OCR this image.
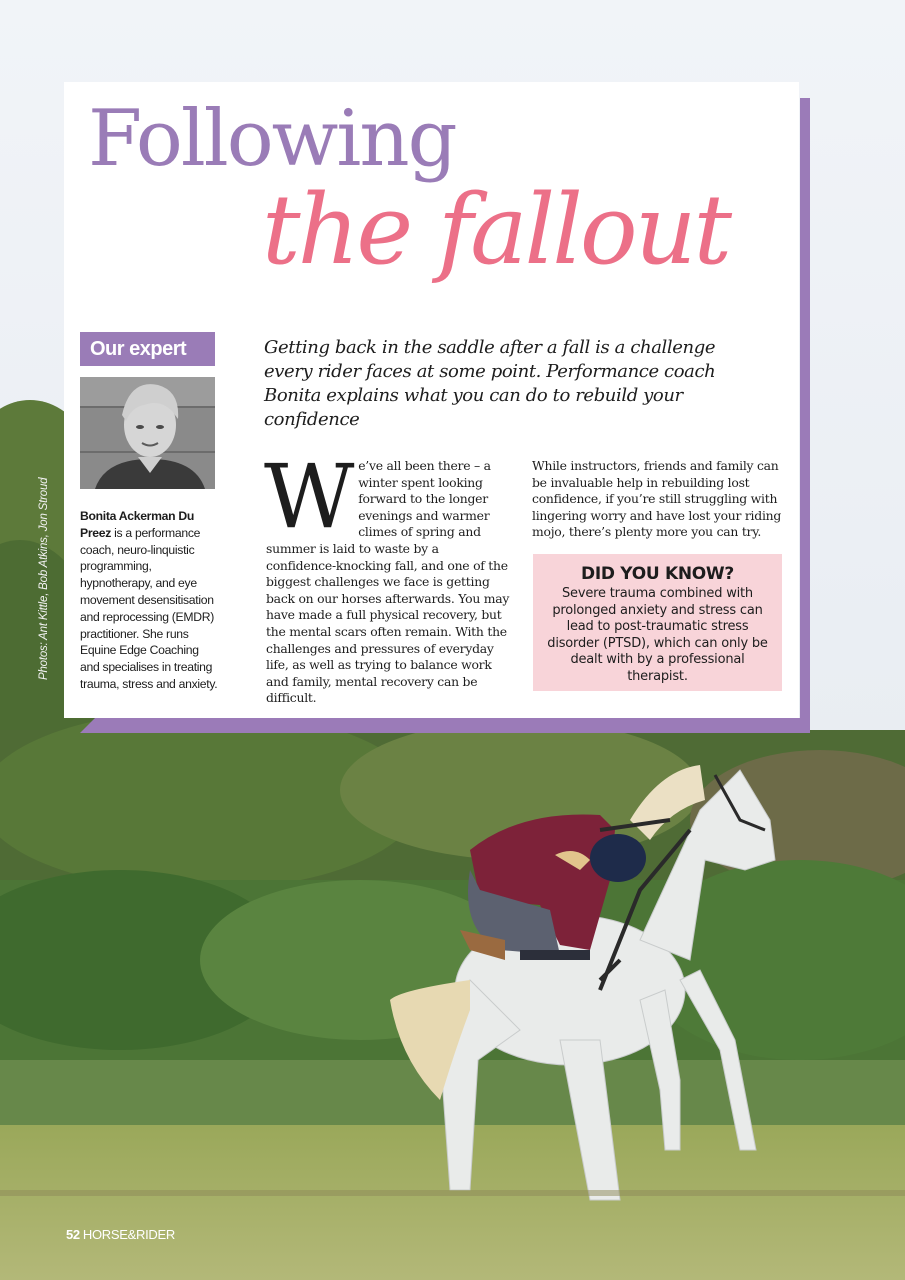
Following
the fallout
Our expert
Bonita Ackerman Du Preez is a performance coach, neuro-linquistic programming, hypnotherapy, and eye movement desensitisation and reprocessing (EMDR) practitioner. She runs Equine Edge Coaching and specialises in treating trauma, stress and anxiety.
Getting back in the saddle after a fall is a challenge every rider faces at some point. Performance coach Bonita explains what you can do to rebuild your confidence
We’ve all been there – a winter spent looking forward to the longer evenings and warmer climes of spring and summer is laid to waste by a confidence-knocking fall, and one of the biggest challenges we face is getting back on our horses afterwards. You may have made a full physical recovery, but the mental scars often remain. With the challenges and pressures of everyday life, as well as trying to balance work and family, mental recovery can be difficult.
While instructors, friends and family can be invaluable help in rebuilding lost confidence, if you’re still struggling with lingering worry and have lost your riding mojo, there’s plenty more you can try.
DID YOU KNOW?
Severe trauma combined with prolonged anxiety and stress can lead to post-traumatic stress disorder (PTSD), which can only be dealt with by a professional therapist.
Photos: Ant Kittle, Bob Atkins, Jon Stroud
52 HORSE&RIDER
